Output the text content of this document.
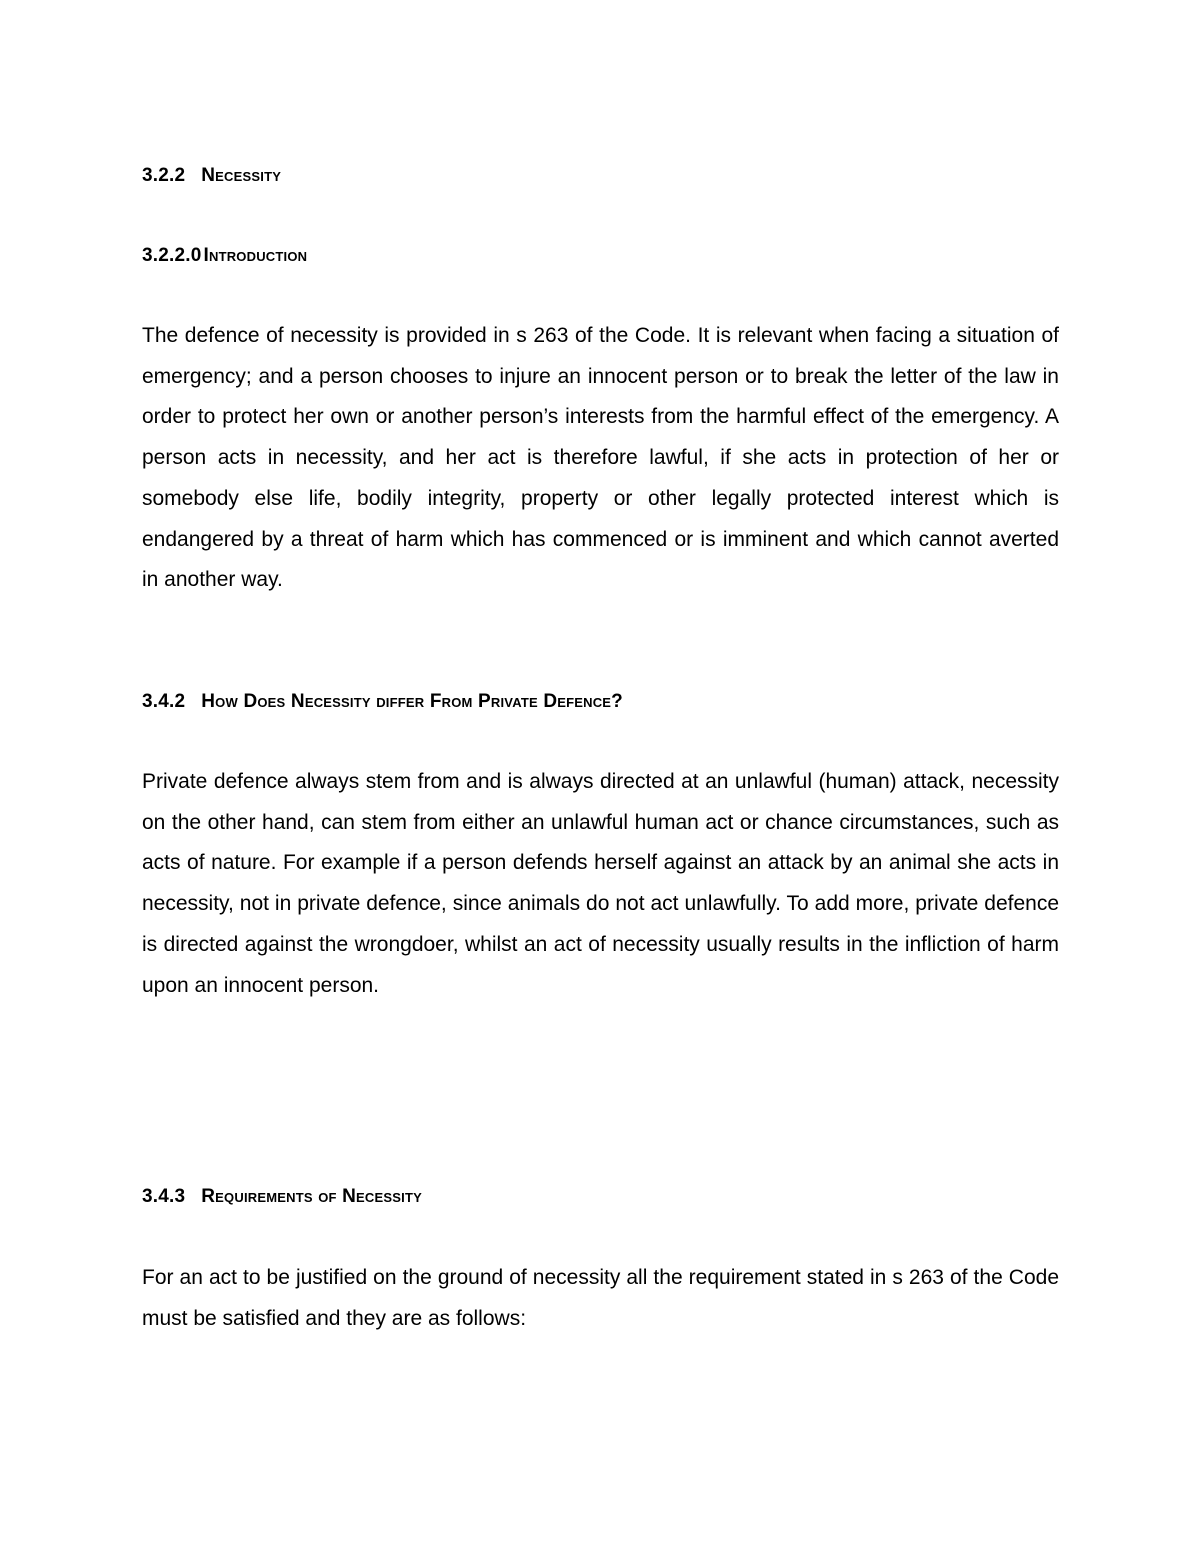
3.2.2 Necessity
3.2.2.0 Introduction
The defence of necessity is provided in s 263 of the Code. It is relevant when facing a situation of emergency; and a person chooses to injure an innocent person or to break the letter of the law in order to protect her own or another person’s interests from the harmful effect of the emergency. A person acts in necessity, and her act is therefore lawful, if she acts in protection of her or somebody else life, bodily integrity, property or other legally protected interest which is endangered by a threat of harm which has commenced or is imminent and which cannot averted in another way.
3.4.2 How Does Necessity differ From Private Defence?
Private defence always stem from and is always directed at an unlawful (human) attack, necessity on the other hand, can stem from either an unlawful human act or chance circumstances, such as acts of nature. For example if a person defends herself against an attack by an animal she acts in necessity, not in private defence, since animals do not act unlawfully. To add more, private defence is directed against the wrongdoer, whilst an act of necessity usually results in the infliction of harm upon an innocent person.
3.4.3 Requirements of Necessity
For an act to be justified on the ground of necessity all the requirement stated in s 263 of the Code must be satisfied and they are as follows:
